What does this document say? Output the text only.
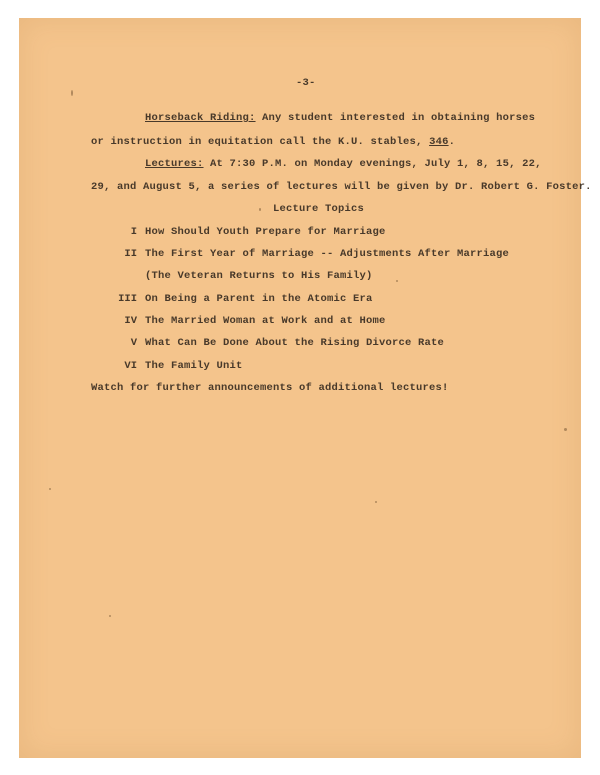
-3-
Horseback Riding: Any student interested in obtaining horses
or instruction in equitation call the K.U. stables, 346.
Lectures: At 7:30 P.M. on Monday evenings, July 1, 8, 15, 22,
29, and August 5, a series of lectures will be given by Dr. Robert G. Foster.
Lecture Topics
I How Should Youth Prepare for Marriage
II The First Year of Marriage -- Adjustments After Marriage
(The Veteran Returns to His Family)
III On Being a Parent in the Atomic Era
IV The Married Woman at Work and at Home
V What Can Be Done About the Rising Divorce Rate
VI The Family Unit
Watch for further announcements of additional lectures!
